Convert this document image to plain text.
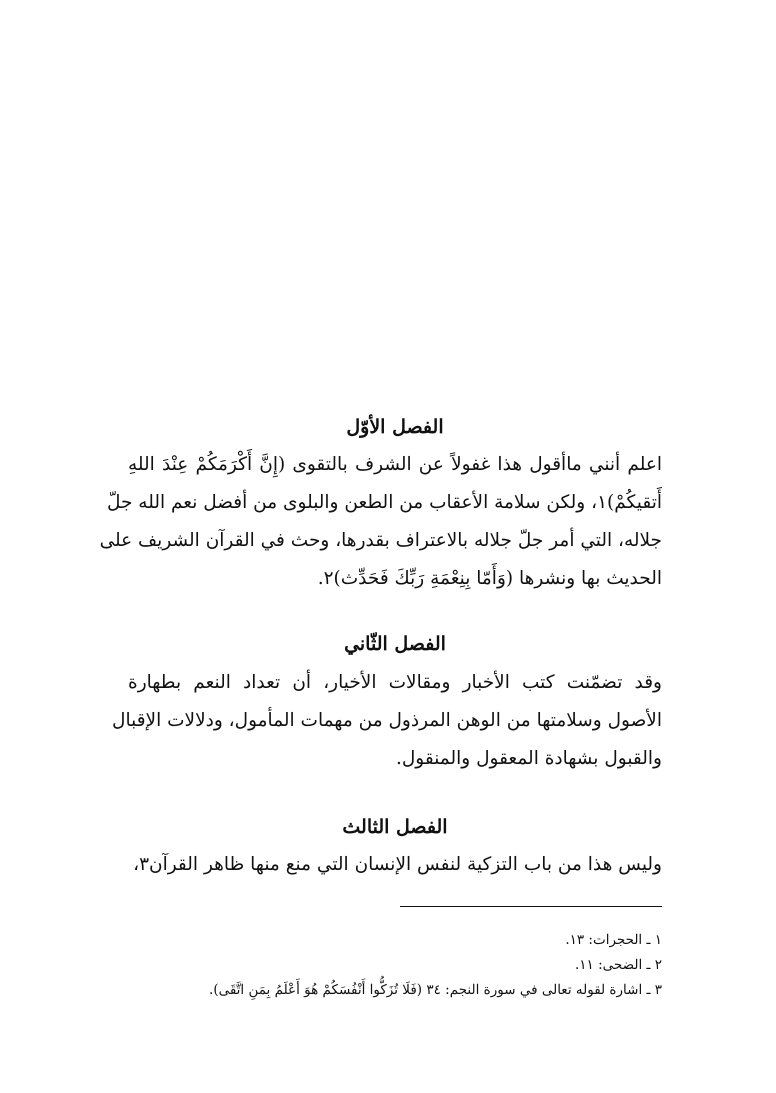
الفصل الأوّل
اعلم أنني ماأقول هذا غفولاً عن الشرف بالتقوى (إِنَّ أَكْرَمَكُمْ عِنْدَ اللهِ
أَتقيكُمْ)١، ولكن سلامة الأعقاب من الطعن والبلوى من أفضل نعم الله جلّ
جلاله، التي أمر جلّ جلاله بالاعتراف بقدرها، وحث في القرآن الشريف على
الحديث بها ونشرها (وَأَمّا بِنِعْمَةِ رَبِّكَ فَحَدِّث)٢.
الفصل الثّاني
وقد تضمّنت كتب الأخبار ومقالات الأخيار، أن تعداد النعم بطهارة
الأصول وسلامتها من الوهن المرذول من مهمات المأمول، ودلالات الإقبال
والقبول بشهادة المعقول والمنقول.
الفصل الثالث
وليس هذا من باب التزكية لنفس الإنسان التي منع منها ظاهر القرآن٣،
١ ـ الحجرات: ١٣.
٢ ـ الضحى: ١١.
٣ ـ اشارة لقوله تعالى في سورة النجم: ٣٤ (فَلَا تُزَكُّوا أَنْفُسَكُمْ هُوَ أَعْلَمُ بِمَنِ اتَّقَى).
